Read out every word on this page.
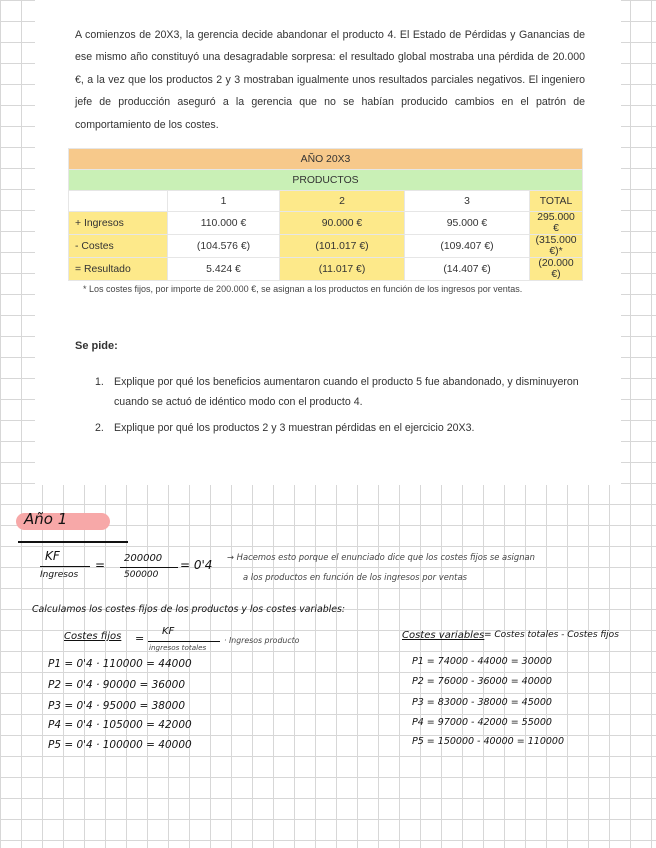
A comienzos de 20X3, la gerencia decide abandonar el producto 4. El Estado de Pérdidas y Ganancias de ese mismo año constituyó una desagradable sorpresa: el resultado global mostraba una pérdida de 20.000 €, a la vez que los productos 2 y 3 mostraban igualmente unos resultados parciales negativos. El ingeniero jefe de producción aseguró a la gerencia que no se habían producido cambios en el patrón de comportamiento de los costes.
AÑO 20X3				
PRODUCTOS				
	1	2	3	TOTAL
+ Ingresos	110.000 €	90.000 €	95.000 €	295.000 €
- Costes	(104.576 €)	(101.017 €)	(109.407 €)	(315.000 €)*
= Resultado	5.424 €	(11.017 €)	(14.407 €)	(20.000 €)
* Los costes fijos, por importe de 200.000 €, se asignan a los productos en función de los ingresos por ventas.
Se pide:
1. Explique por qué los beneficios aumentaron cuando el producto 5 fue abandonado, y disminuyeron cuando se actuó de idéntico modo con el producto 4.
2. Explique por qué los productos 2 y 3 muestran pérdidas en el ejercicio 20X3.
Año 1
KF
Ingresos
= 200000
500000
= 0'4
→ Hacemos esto porque el enunciado dice que los costes fijos se asignan
a los productos en función de los ingresos por ventas
Calculamos los costes fijos de los productos y los costes variables:
Costes fijos =
KF
ingresos totales
· Ingresos producto	Costes variables = Costes totales - Costes fijos
P1 = 0'4 · 110000 = 44000
P2 = 0'4 · 90000 = 36000
P3 = 0'4 · 95000 = 38000
P4 = 0'4 · 105000 = 42000
P5 = 0'4 · 100000 = 40000
P1 = 74000 - 44000 = 30000
P2 = 76000 - 36000 = 40000
P3 = 83000 - 38000 = 45000
P4 = 97000 - 42000 = 55000
P5 = 150000 - 40000 = 110000
